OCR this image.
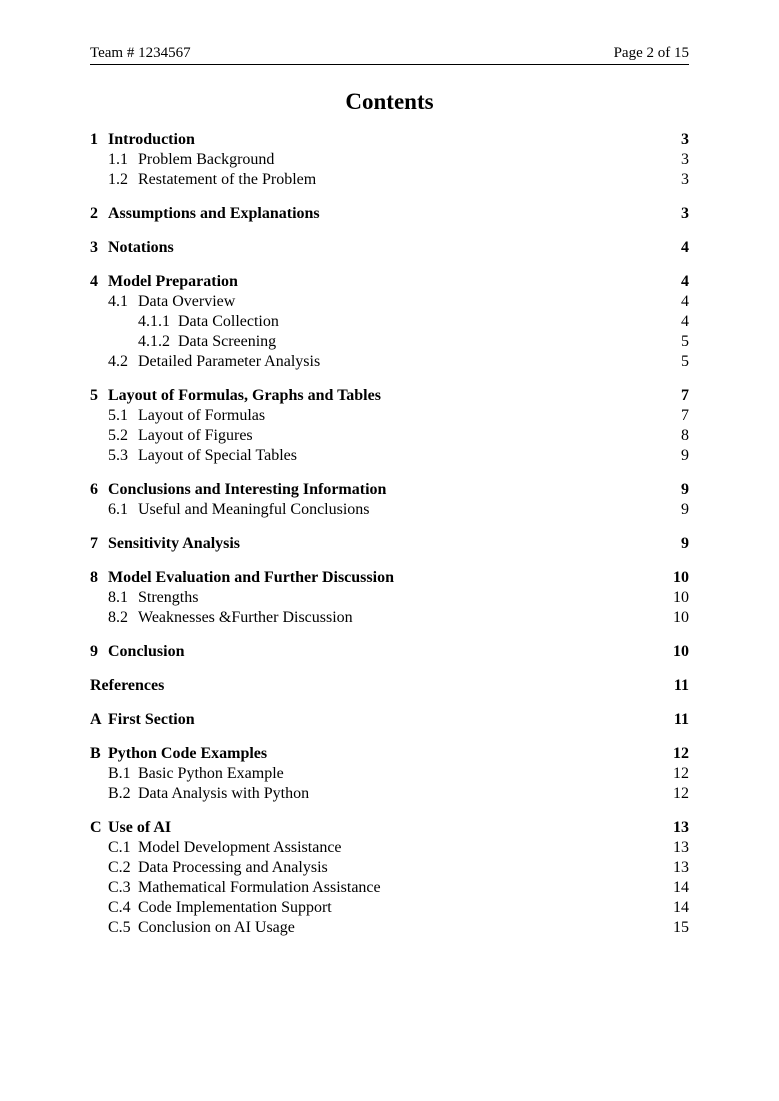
Team # 1234567	Page 2 of 15
Contents
1 Introduction	3
1.1 Problem Background	3
1.2 Restatement of the Problem	3
2 Assumptions and Explanations	3
3 Notations	4
4 Model Preparation	4
4.1 Data Overview	4
4.1.1 Data Collection	4
4.1.2 Data Screening	5
4.2 Detailed Parameter Analysis	5
5 Layout of Formulas, Graphs and Tables	7
5.1 Layout of Formulas	7
5.2 Layout of Figures	8
5.3 Layout of Special Tables	9
6 Conclusions and Interesting Information	9
6.1 Useful and Meaningful Conclusions	9
7 Sensitivity Analysis	9
8 Model Evaluation and Further Discussion	10
8.1 Strengths	10
8.2 Weaknesses &Further Discussion	10
9 Conclusion	10
References	11
A First Section	11
B Python Code Examples	12
B.1 Basic Python Example	12
B.2 Data Analysis with Python	12
C Use of AI	13
C.1 Model Development Assistance	13
C.2 Data Processing and Analysis	13
C.3 Mathematical Formulation Assistance	14
C.4 Code Implementation Support	14
C.5 Conclusion on AI Usage	15
